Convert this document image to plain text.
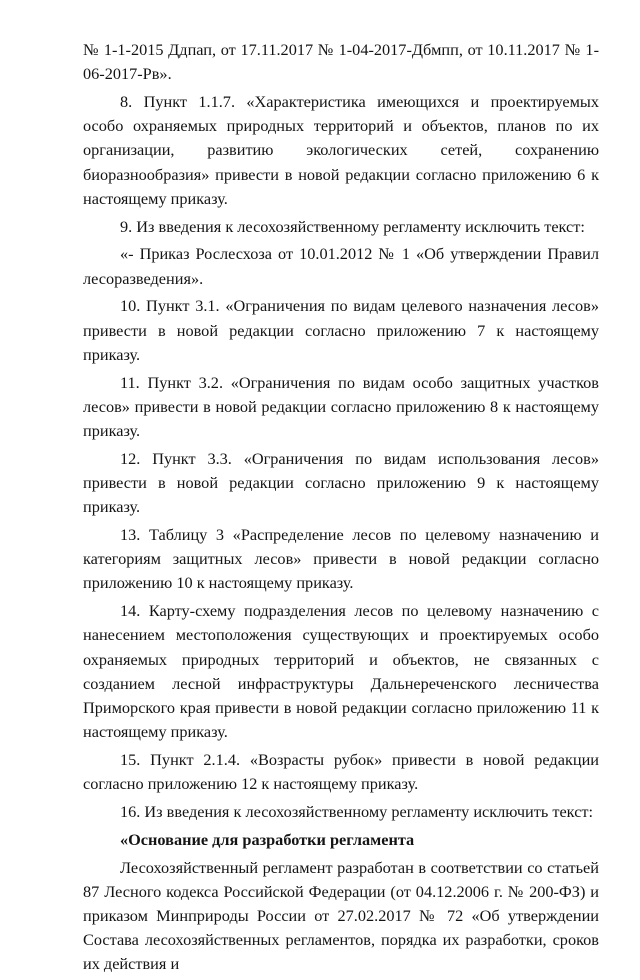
№ 1-1-2015 Ддпап, от 17.11.2017 № 1-04-2017-Дбмпп, от 10.11.2017 № 1-06-2017-Рв».

8. Пункт 1.1.7. «Характеристика имеющихся и проектируемых особо охраняемых природных территорий и объектов, планов по их организации, развитию экологических сетей, сохранению биоразнообразия» привести в новой редакции согласно приложению 6 к настоящему приказу.

9. Из введения к лесохозяйственному регламенту исключить текст:

«- Приказ Рослесхоза от 10.01.2012 № 1 «Об утверждении Правил лесоразведения».

10. Пункт 3.1. «Ограничения по видам целевого назначения лесов» привести в новой редакции согласно приложению 7 к настоящему приказу.

11. Пункт 3.2. «Ограничения по видам особо защитных участков лесов» привести в новой редакции согласно приложению 8 к настоящему приказу.

12. Пункт 3.3. «Ограничения по видам использования лесов» привести в новой редакции согласно приложению 9 к настоящему приказу.

13. Таблицу 3 «Распределение лесов по целевому назначению и категориям защитных лесов» привести в новой редакции согласно приложению 10 к настоящему приказу.

14. Карту-схему подразделения лесов по целевому назначению с нанесением местоположения существующих и проектируемых особо охраняемых природных территорий и объектов, не связанных с созданием лесной инфраструктуры Дальнереченского лесничества Приморского края привести в новой редакции согласно приложению 11 к настоящему приказу.

15. Пункт 2.1.4. «Возрасты рубок» привести в новой редакции согласно приложению 12 к настоящему приказу.

16. Из введения к лесохозяйственному регламенту исключить текст:

«Основание для разработки регламента

Лесохозяйственный регламент разработан в соответствии со статьей 87 Лесного кодекса Российской Федерации (от 04.12.2006 г. № 200-ФЗ) и приказом Минприроды России от 27.02.2017 № 72 «Об утверждении Состава лесохозяйственных регламентов, порядка их разработки, сроков их действия и
